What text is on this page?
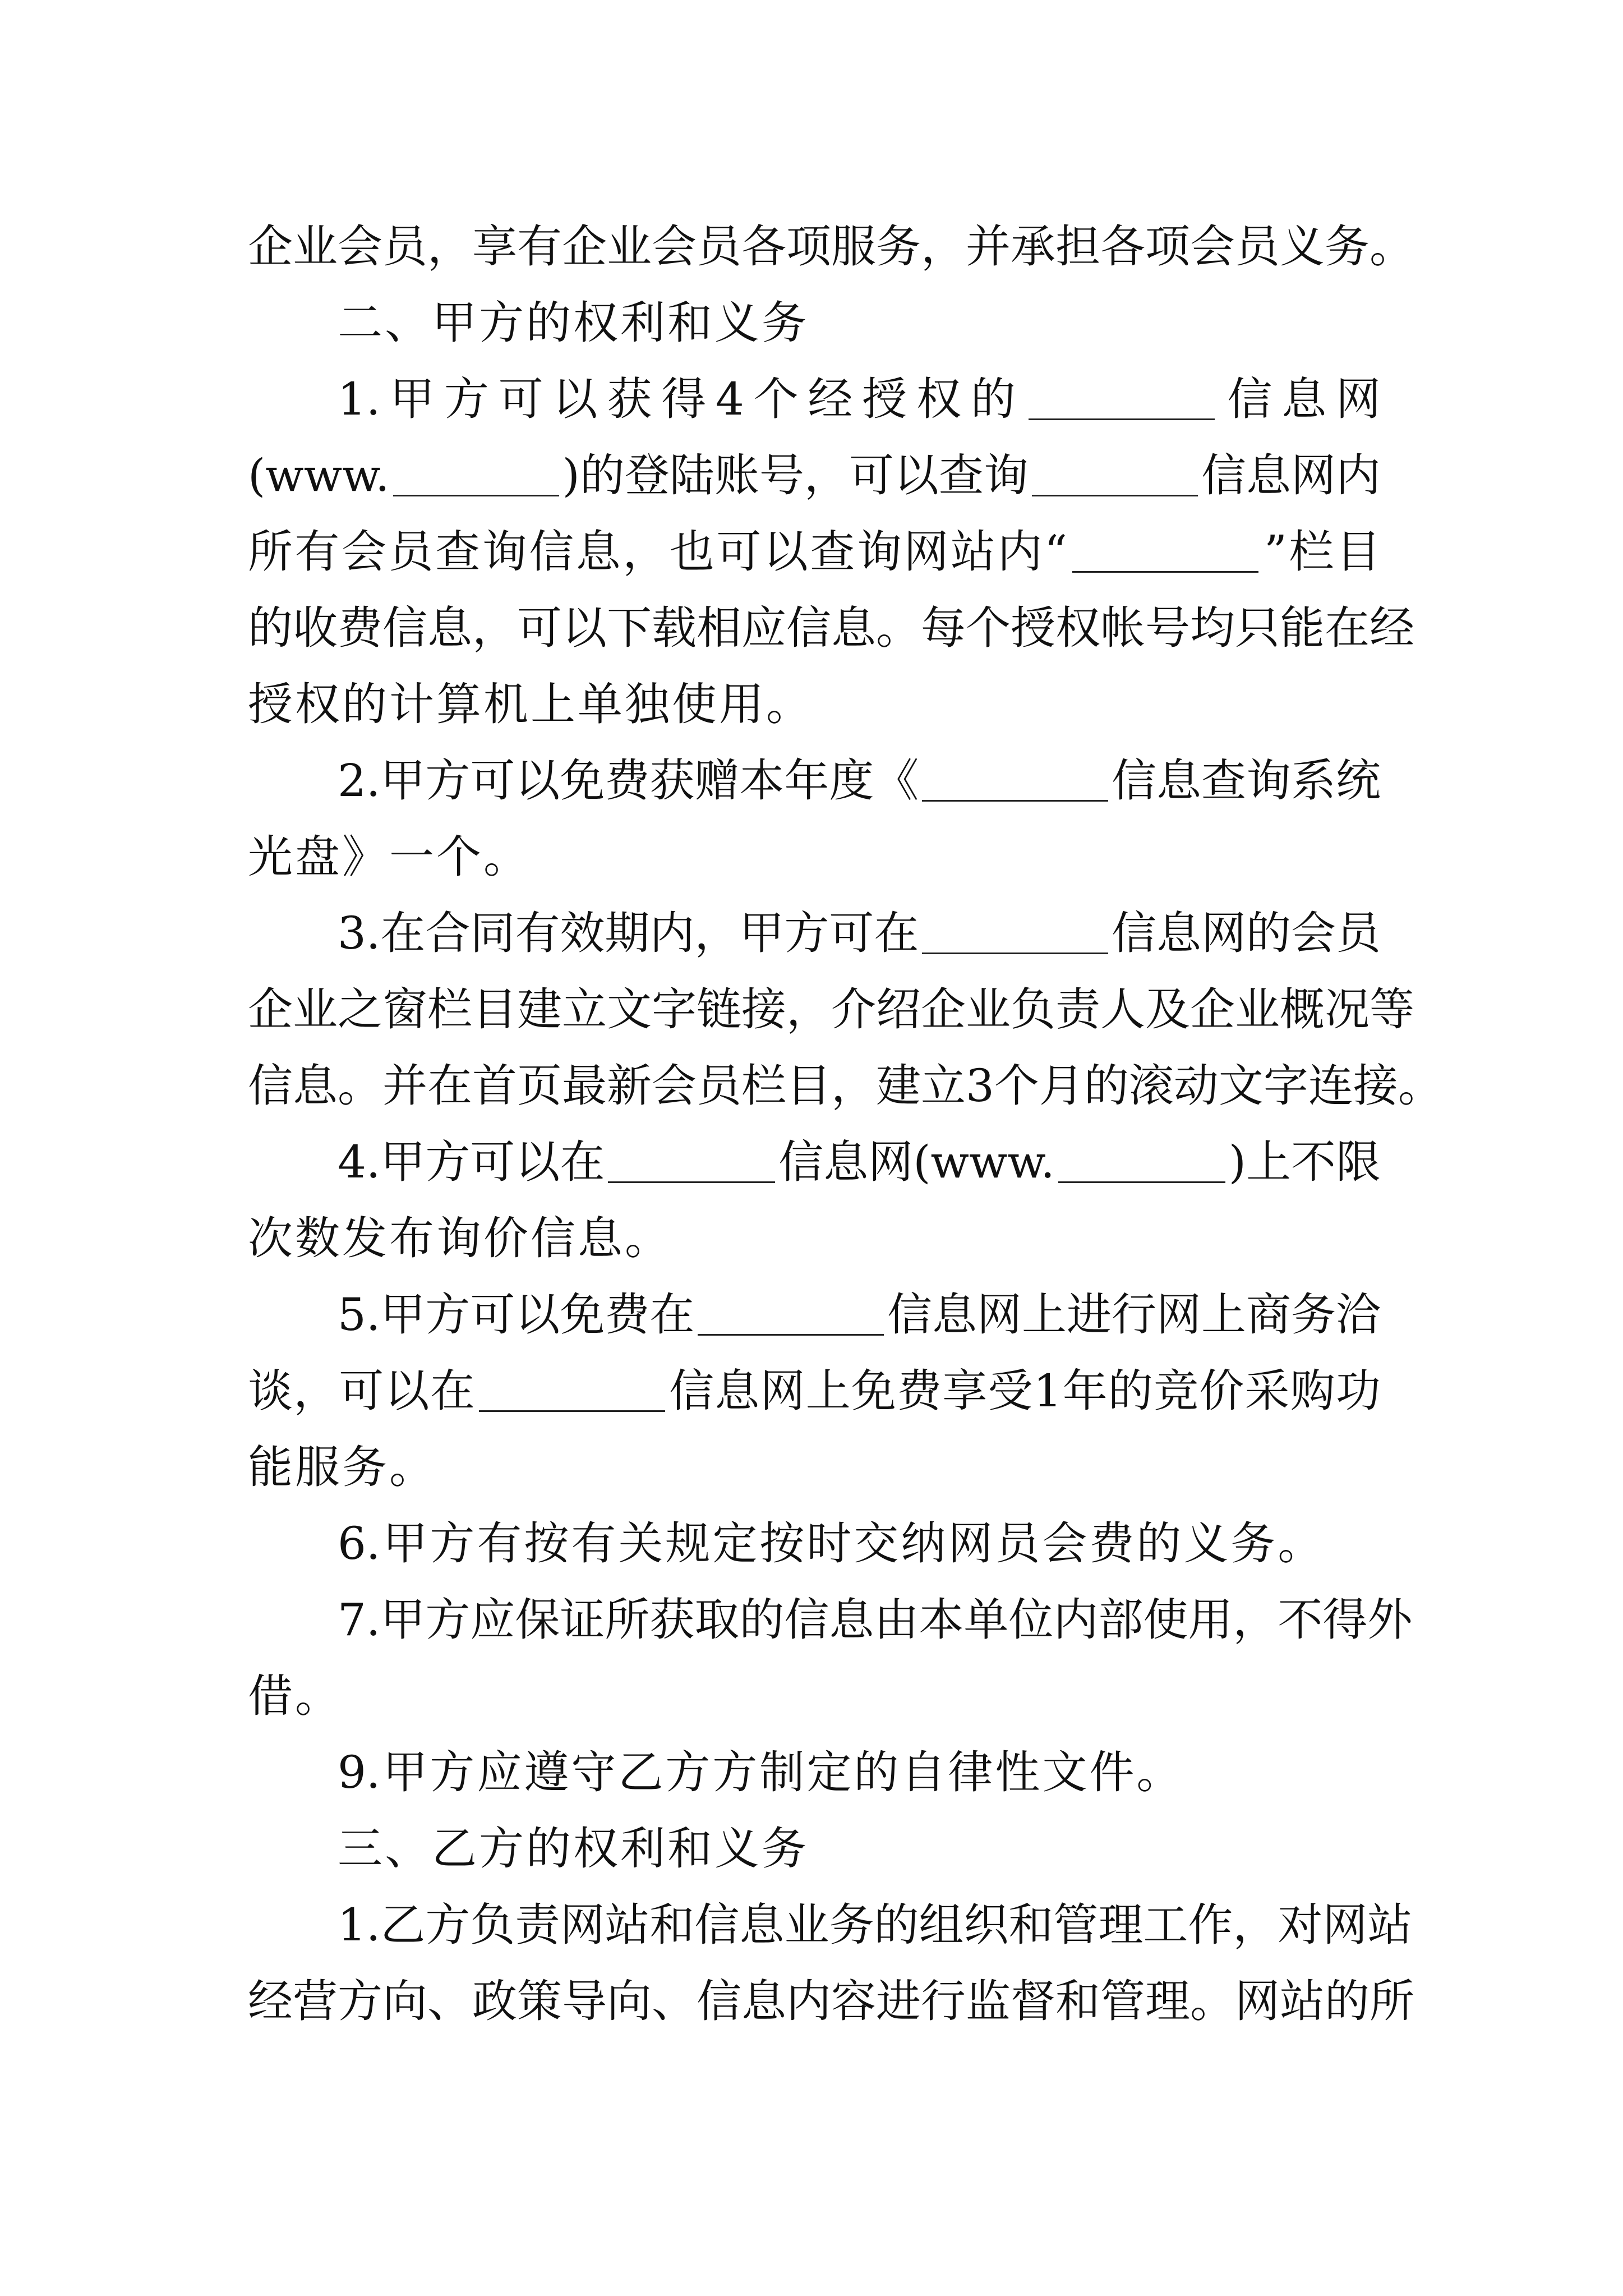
企 业 会 员 ， 享 有 企 业 会 员 各 项 服 务 ， 并 承 担 各 项 会 员 义 务 。
二 、 甲 方 的 权 利 和 义 务
1. 甲 方 可 以 获 得 4 个 经 授 权 的	信 息 网
(www.	) 的 登 陆 账 号 ， 可 以 查 询	信 息 网 内
所 有 会 员 查 询 信 息 ， 也 可 以 查 询 网 站 内 “	” 栏 目
的 收 费 信 息 ， 可 以 下 载 相 应 信 息 。 每 个 授 权 帐 号 均 只 能 在 经
授 权 的 计 算 机 上 单 独 使 用 。
2. 甲 方 可 以 免 费 获 赠 本 年 度 《	信 息 查 询 系 统
光 盘 》 一 个 。
3. 在 合 同 有 效 期 内 ， 甲 方 可 在	信 息 网 的 会 员
企 业 之 窗 栏 目 建 立 文 字 链 接 ， 介 绍 企 业 负 责 人 及 企 业 概 况 等
信 息 。 并 在 首 页 最 新 会 员 栏 目 ， 建 立 3 个 月 的 滚 动 文 字 连 接 。
4. 甲 方 可 以 在	信 息 网 (www.	) 上 不 限
次 数 发 布 询 价 信 息 。
5. 甲 方 可 以 免 费 在	信 息 网 上 进 行 网 上 商 务 洽
谈 ， 可 以 在	信 息 网 上 免 费 享 受 1 年 的 竞 价 采 购 功
能 服 务 。
6. 甲 方 有 按 有 关 规 定 按 时 交 纳 网 员 会 费 的 义 务 。
7. 甲 方 应 保 证 所 获 取 的 信 息 由 本 单 位 内 部 使 用 ， 不 得 外
借 。
9. 甲 方 应 遵 守 乙 方 方 制 定 的 自 律 性 文 件 。
三 、 乙 方 的 权 利 和 义 务
1. 乙 方 负 责 网 站 和 信 息 业 务 的 组 织 和 管 理 工 作 ， 对 网 站
经 营 方 向 、 政 策 导 向 、 信 息 内 容 进 行 监 督 和 管 理 。 网 站 的 所
